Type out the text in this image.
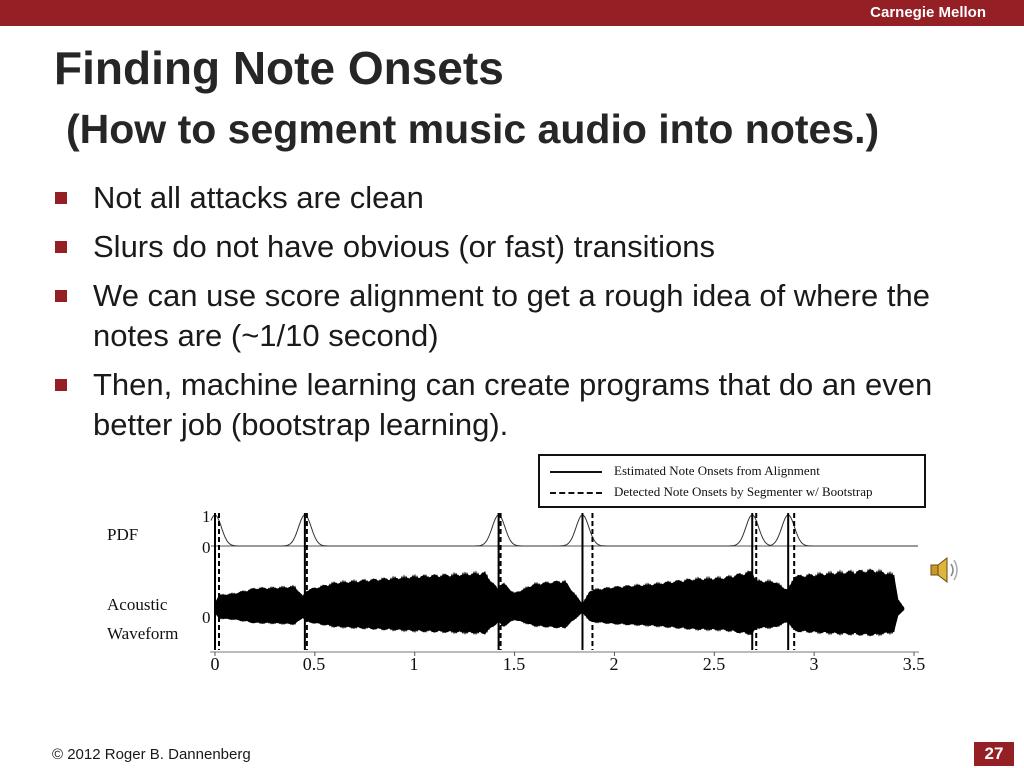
Carnegie Mellon
Finding Note Onsets
(How to segment music audio into notes.)
Not all attacks are clean
Slurs do not have obvious (or fast) transitions
We can use score alignment to get a rough idea of where the notes are (~1/10 second)
Then, machine learning can create programs that do an even better job (bootstrap learning).
Estimated Note Onsets from Alignment
Detected Note Onsets by Segmenter w/ Bootstrap
PDF
Acoustic
Waveform
1
0
0
0	0.5	1	1.5	2	2.5	3	3.5
© 2012 Roger B. Dannenberg	27
